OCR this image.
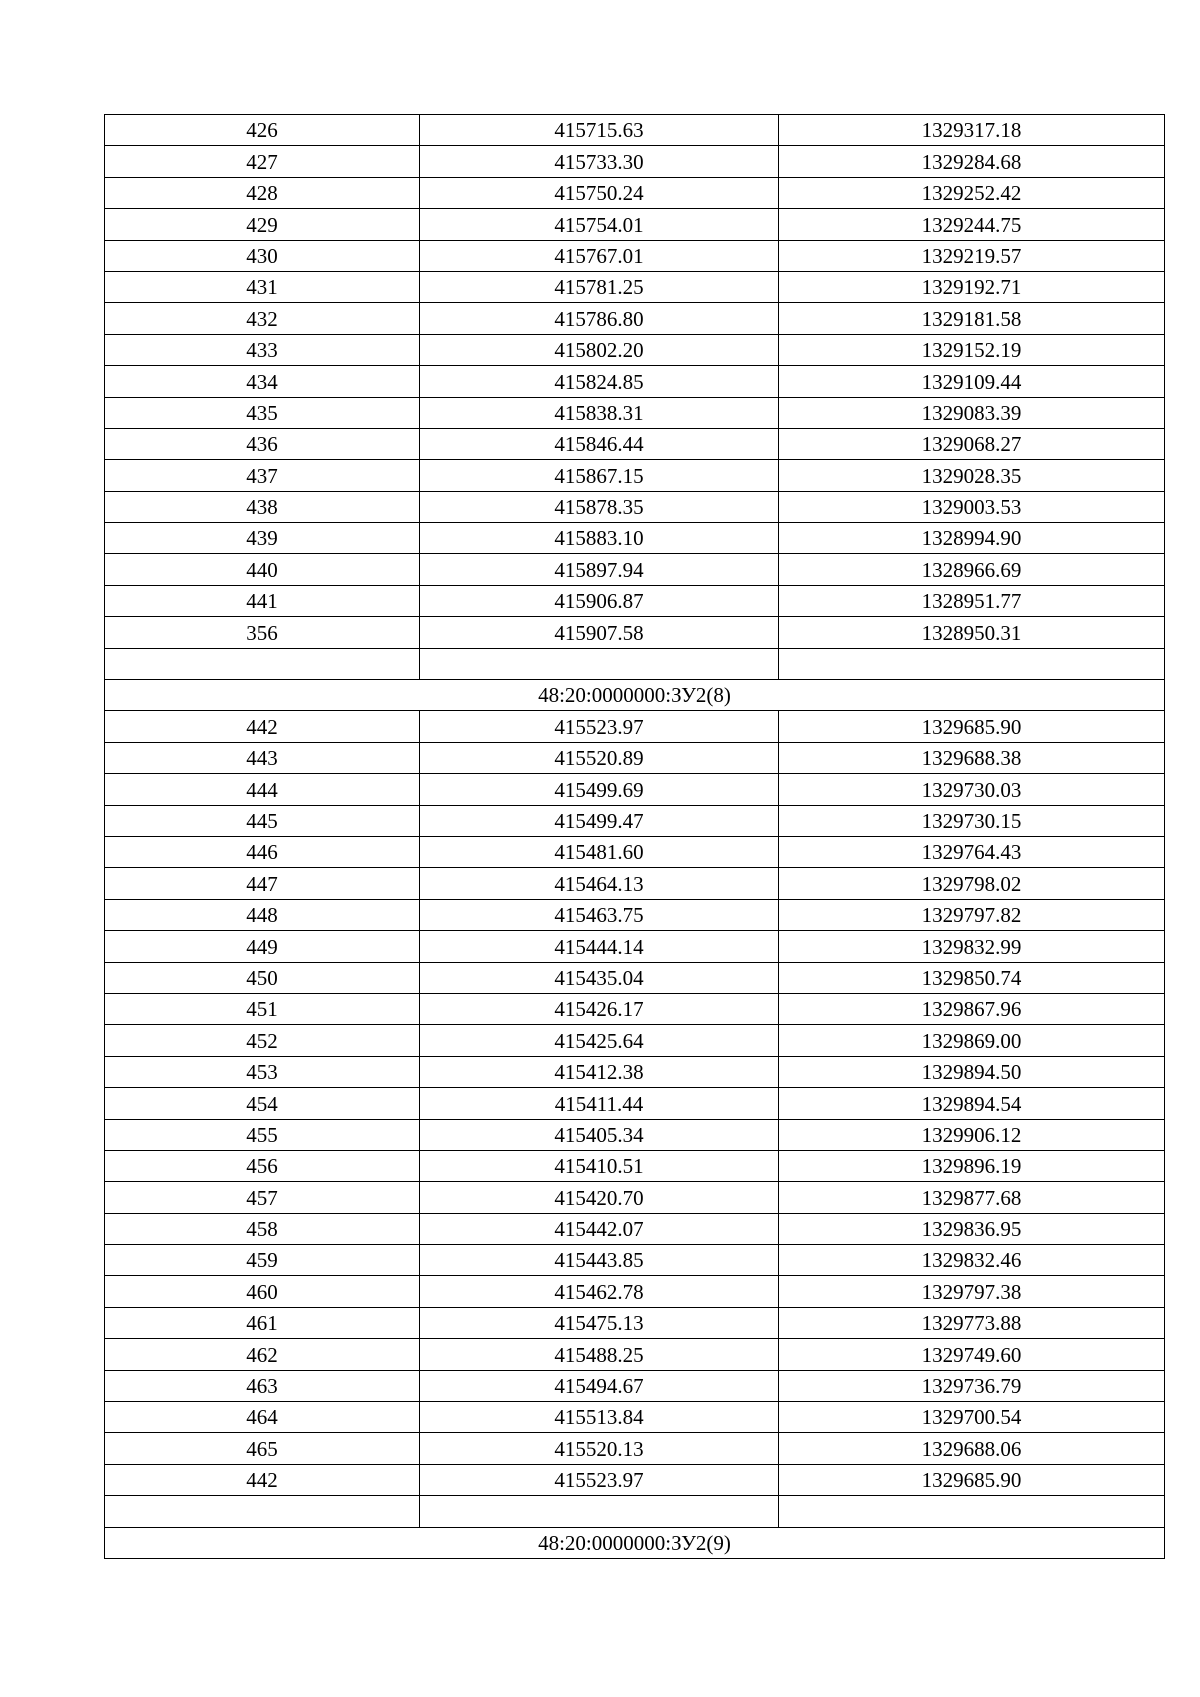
426	415715.63	1329317.18
427	415733.30	1329284.68
428	415750.24	1329252.42
429	415754.01	1329244.75
430	415767.01	1329219.57
431	415781.25	1329192.71
432	415786.80	1329181.58
433	415802.20	1329152.19
434	415824.85	1329109.44
435	415838.31	1329083.39
436	415846.44	1329068.27
437	415867.15	1329028.35
438	415878.35	1329003.53
439	415883.10	1328994.90
440	415897.94	1328966.69
441	415906.87	1328951.77
356	415907.58	1328950.31

48:20:0000000:ЗУ2(8)		
442	415523.97	1329685.90
443	415520.89	1329688.38
444	415499.69	1329730.03
445	415499.47	1329730.15
446	415481.60	1329764.43
447	415464.13	1329798.02
448	415463.75	1329797.82
449	415444.14	1329832.99
450	415435.04	1329850.74
451	415426.17	1329867.96
452	415425.64	1329869.00
453	415412.38	1329894.50
454	415411.44	1329894.54
455	415405.34	1329906.12
456	415410.51	1329896.19
457	415420.70	1329877.68
458	415442.07	1329836.95
459	415443.85	1329832.46
460	415462.78	1329797.38
461	415475.13	1329773.88
462	415488.25	1329749.60
463	415494.67	1329736.79
464	415513.84	1329700.54
465	415520.13	1329688.06
442	415523.97	1329685.90

48:20:0000000:ЗУ2(9)		
